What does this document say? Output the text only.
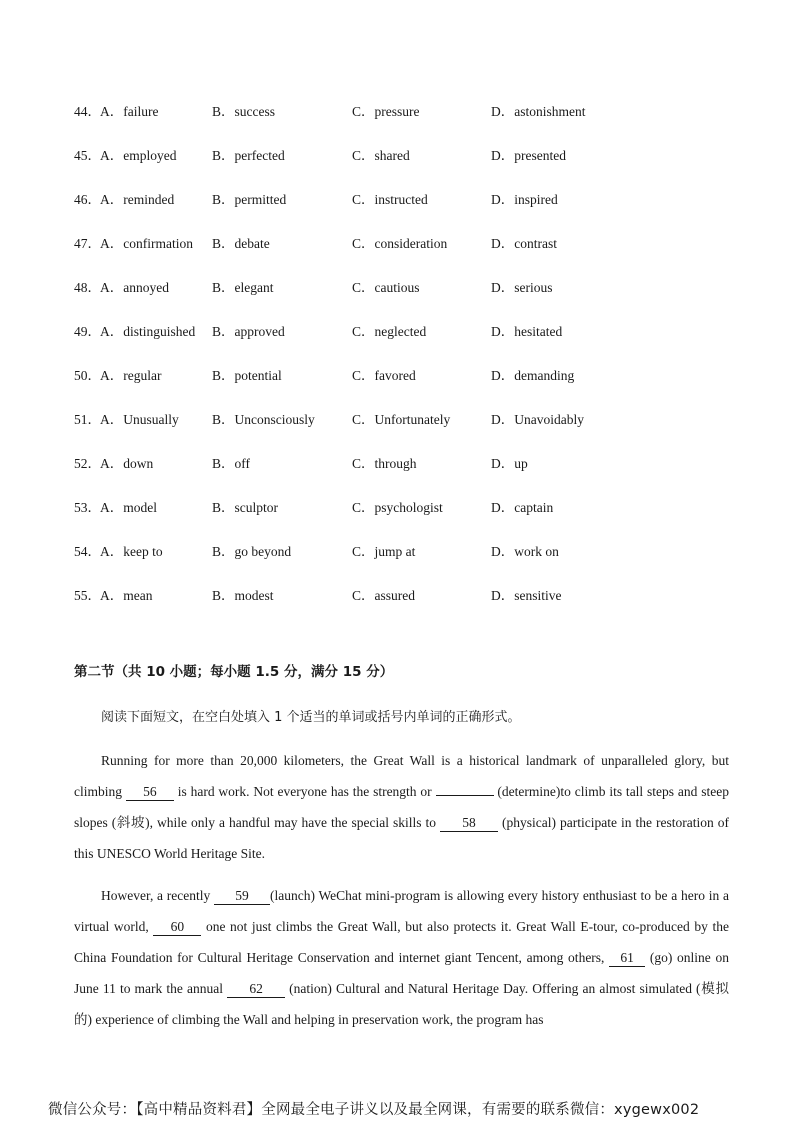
44． A．failure	B．success	C．pressure	D．astonishment
45． A．employed	B．perfected	C．shared	D．presented
46． A．reminded	B．permitted	C．instructed	D．inspired
47． A．confirmation B．debate	C．consideration	D．contrast
48． A．annoyed	B．elegant	C．cautious	D．serious
49． A．distinguished B．approved	C．neglected	D．hesitated
50． A．regular	B．potential	C．favored	D．demanding
51． A．Unusually B．Unconsciously	C．Unfortunately	D．Unavoidably
52． A．down	B．off	C．through	D．up
53． A．model	B．sculptor	C．psychologist	D．captain
54． A．keep to	B．go beyond	C．jump at	D．work on
55． A．mean	B．modest	C．assured	D．sensitive
第二节（共 10 小题；每小题 1.5 分，满分 15 分）
阅读下面短文，在空白处填入 1 个适当的单词或括号内单词的正确形式。

Running for more than 20,000 kilometers, the Great Wall is a historical landmark of unparalleled glory, but climbing 56 is hard work. Not everyone has the strength or	(determine)to climb its tall steps and steep slopes (斜坡), while only a handful may have the special skills to 58 (physical) participate in the restoration of this UNESCO World Heritage Site.

However, a recently 59 (launch) WeChat mini-program is allowing every history enthusiast to be a hero in a virtual world, 60 one not just climbs the Great Wall, but also protects it. Great Wall E-tour, co-produced by the China Foundation for Cultural Heritage Conservation and internet giant Tencent, among others, 61 (go) online on June 11 to mark the annual 62 (nation) Cultural and Natural Heritage Day. Offering an almost simulated (模拟的) experience of climbing the Wall and helping in preservation work, the program has

微信公众号：【高中精品资料君】全网最全电子讲义以及最全网课，有需要的联系微信：xygewx002
